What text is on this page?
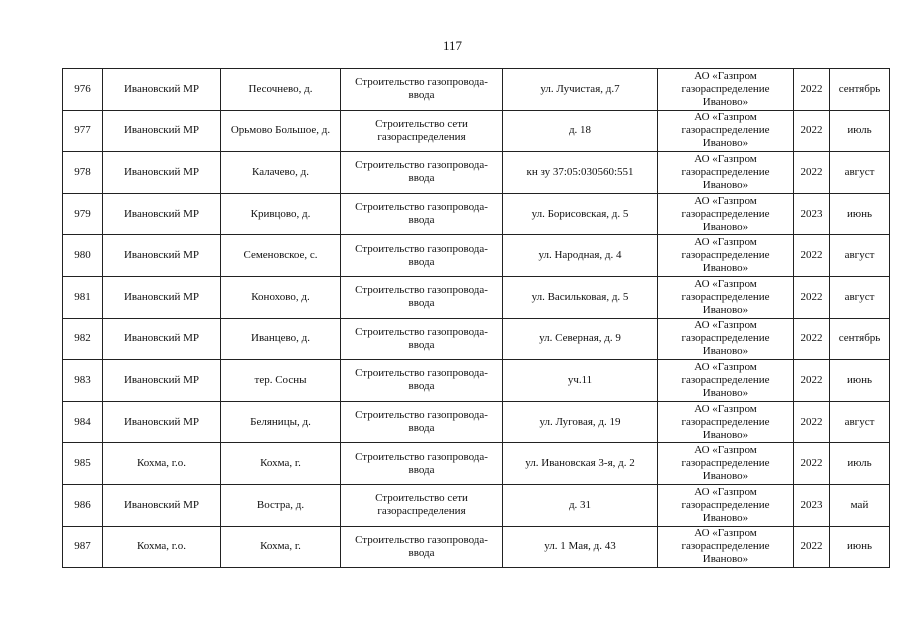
117
976	Ивановский МР	Песочнево, д.	Строительство газопровода-ввода	ул. Лучистая, д.7	АО «Газпром газораспределение Иваново»	2022	сентябрь
977	Ивановский МР	Орьмово Большое, д.	Строительство сети газораспределения	д. 18	АО «Газпром газораспределение Иваново»	2022	июль
978	Ивановский МР	Калачево, д.	Строительство газопровода-ввода	кн зу 37:05:030560:551	АО «Газпром газораспределение Иваново»	2022	август
979	Ивановский МР	Кривцово, д.	Строительство газопровода-ввода	ул. Борисовская, д. 5	АО «Газпром газораспределение Иваново»	2023	июнь
980	Ивановский МР	Семеновское, с.	Строительство газопровода-ввода	ул. Народная, д. 4	АО «Газпром газораспределение Иваново»	2022	август
981	Ивановский МР	Конохово, д.	Строительство газопровода-ввода	ул. Васильковая, д. 5	АО «Газпром газораспределение Иваново»	2022	август
982	Ивановский МР	Иванцево, д.	Строительство газопровода-ввода	ул. Северная, д. 9	АО «Газпром газораспределение Иваново»	2022	сентябрь
983	Ивановский МР	тер. Сосны	Строительство газопровода-ввода	уч.11	АО «Газпром газораспределение Иваново»	2022	июнь
984	Ивановский МР	Беляницы, д.	Строительство газопровода-ввода	ул. Луговая, д. 19	АО «Газпром газораспределение Иваново»	2022	август
985	Кохма, г.о.	Кохма, г.	Строительство газопровода-ввода	ул. Ивановская 3-я, д. 2	АО «Газпром газораспределение Иваново»	2022	июль
986	Ивановский МР	Востра, д.	Строительство сети газораспределения	д. 31	АО «Газпром газораспределение Иваново»	2023	май
987	Кохма, г.о.	Кохма, г.	Строительство газопровода-ввода	ул. 1 Мая, д. 43	АО «Газпром газораспределение Иваново»	2022	июнь
